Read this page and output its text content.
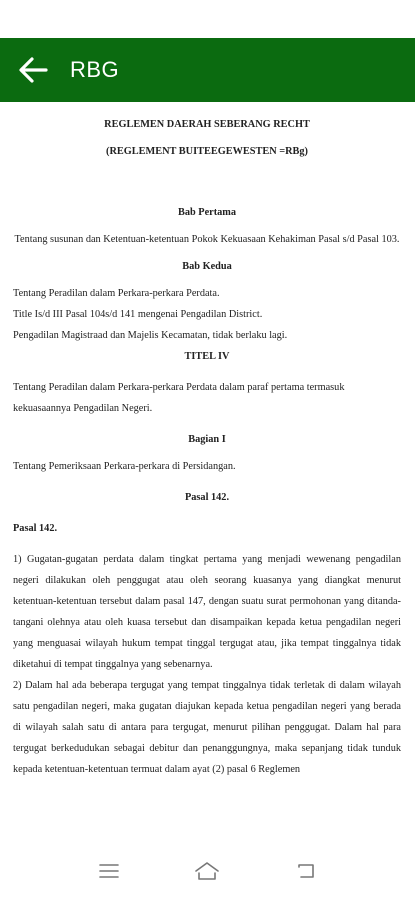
RBG
REGLEMEN DAERAH SEBERANG RECHT
(REGLEMENT BUITEEGEWESTEN =RBg)
Bab Pertama
Tentang susunan dan Ketentuan-ketentuan Pokok Kekuasaan Kehakiman Pasal s/d Pasal 103.
Bab Kedua
Tentang Peradilan dalam Perkara-perkara Perdata.
Title Is/d III Pasal 104s/d 141 mengenai Pengadilan District.
Pengadilan Magistraad dan Majelis Kecamatan, tidak berlaku lagi.
TITEL IV
Tentang Peradilan dalam Perkara-perkara Perdata dalam paraf pertama termasuk kekuasaannya Pengadilan Negeri.
Bagian I
Tentang Pemeriksaan Perkara-perkara di Persidangan.
Pasal 142.
Pasal 142.
1) Gugatan-gugatan perdata dalam tingkat pertama yang menjadi wewenang pengadilan negeri dilakukan oleh penggugat atau oleh seorang kuasanya yang diangkat menurut ketentuan-ketentuan tersebut dalam pasal 147, dengan suatu surat permohonan yang ditanda-tangani olehnya atau oleh kuasa tersebut dan disampaikan kepada ketua pengadilan negeri yang menguasai wilayah hukum tempat tinggal tergugat atau, jika tempat tinggalnya tidak diketahui di tempat tinggalnya yang sebenarnya.
2) Dalam hal ada beberapa tergugat yang tempat tinggalnya tidak terletak di dalam wilayah satu pengadilan negeri, maka gugatan diajukan kepada ketua pengadilan negeri yang berada di wilayah salah satu di antara para tergugat, menurut pilihan penggugat. Dalam hal para tergugat berkedudukan sebagai debitur dan penanggungnya, maka sepanjang tidak tunduk kepada ketentuan-ketentuan termuat dalam ayat (2) pasal 6 Reglemen
